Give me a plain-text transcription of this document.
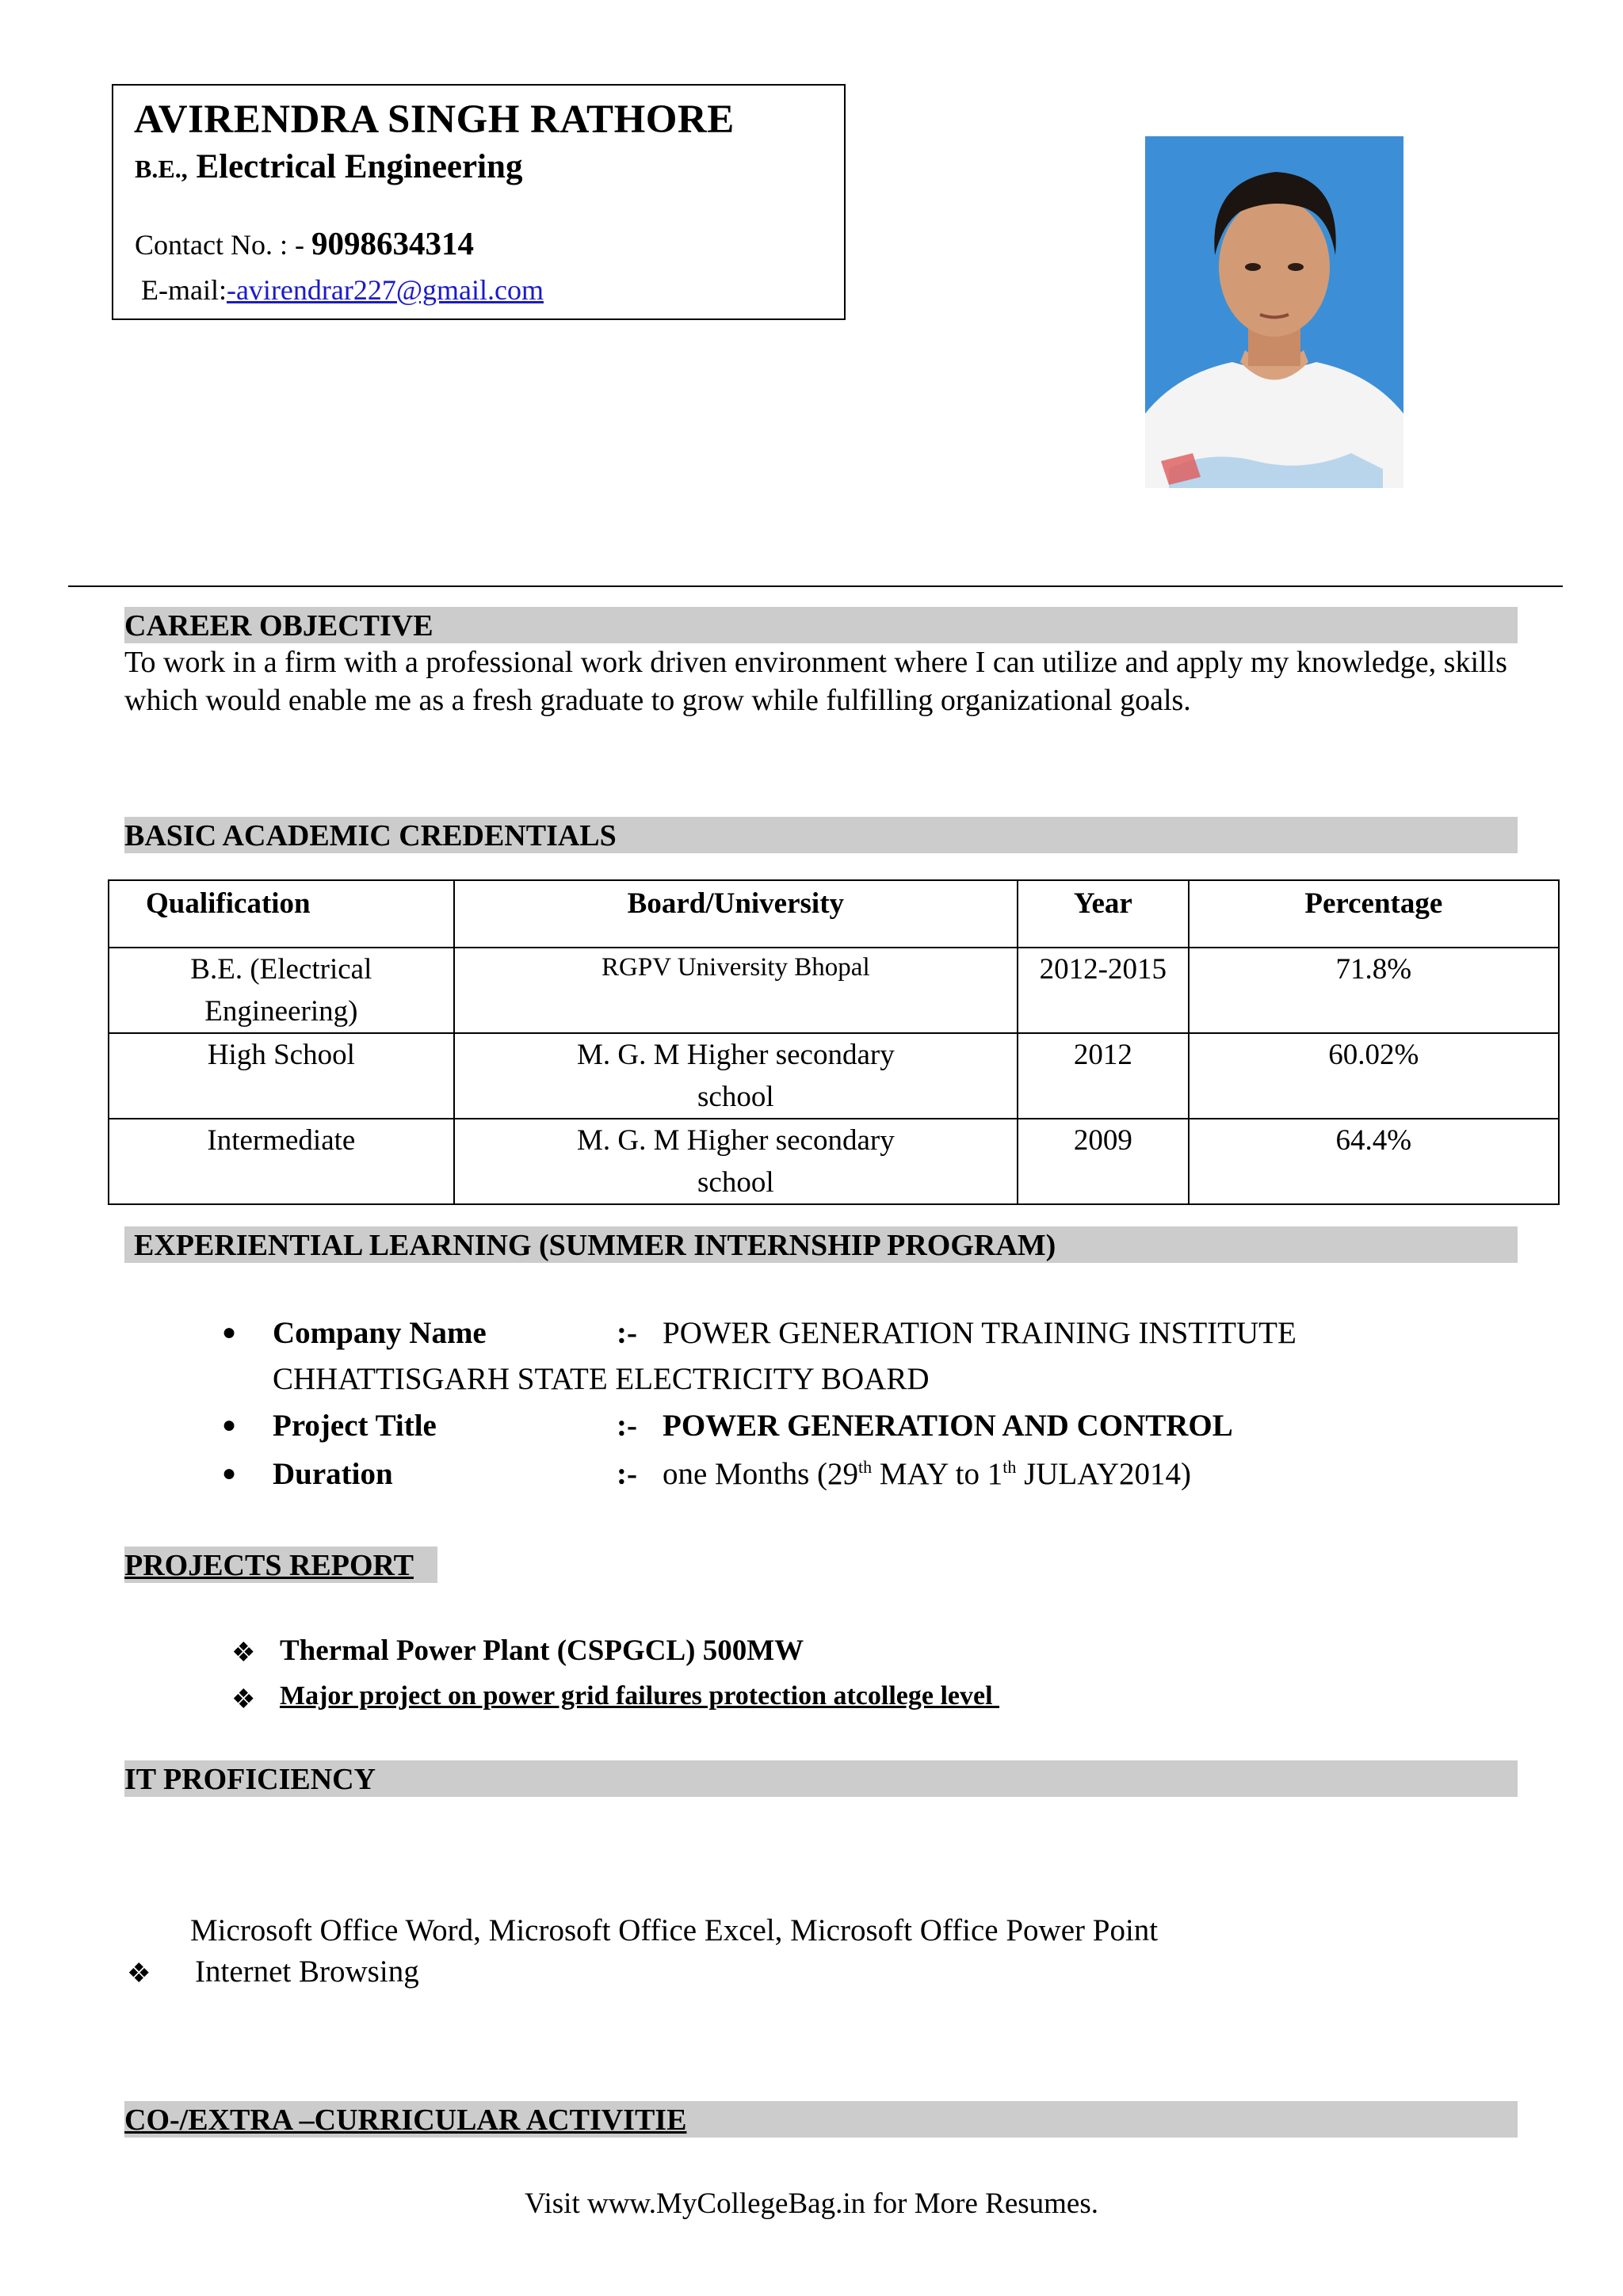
AVIRENDRA SINGH RATHORE
B.E., Electrical Engineering
Contact No. : - 9098634314
E-mail:-avirendrar227@gmail.com
CAREER OBJECTIVE
To work in a firm with a professional work driven environment where I can utilize and apply my knowledge, skills which would enable me as a fresh graduate to grow while fulfilling organizational goals.
BASIC ACADEMIC CREDENTIALS
Qualification	Board/University	Year	Percentage
B.E. (Electrical Engineering)	RGPV University Bhopal	2012-2015	71.8%
High School	M. G. M Higher secondary school	2012	60.02%
Intermediate	M. G. M Higher secondary school	2009	64.4%
EXPERIENTIAL LEARNING (SUMMER INTERNSHIP PROGRAM)
● Company Name	:- POWER GENERATION TRAINING INSTITUTE
CHHATTISGARH STATE ELECTRICITY BOARD
● Project Title	:- POWER GENERATION AND CONTROL
● Duration	:- one Months (29th MAY to 1th JULAY2014)
PROJECTS REPORT
❖ Thermal Power Plant (CSPGCL) 500MW
❖ Major project on power grid failures protection atcollege level
IT PROFICIENCY
Microsoft Office Word, Microsoft Office Excel, Microsoft Office Power Point
❖ Internet Browsing
CO-/EXTRA –CURRICULAR ACTIVITIE
Visit www.MyCollegeBag.in for More Resumes.
